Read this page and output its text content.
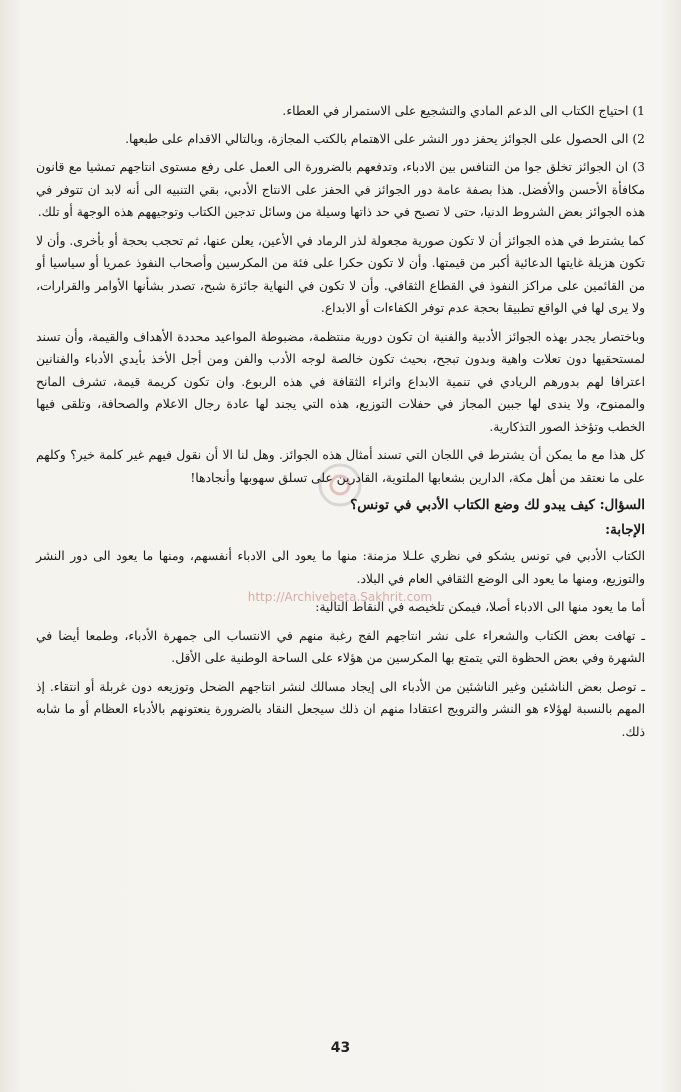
http://Archivebeta.Sakhrit.com

1) احتياج الكتاب الى الدعم المادي والتشجيع على الاستمرار في العطاء.

2) الى الحصول على الجوائز يحفز دور النشر على الاهتمام بالكتب المجازة، وبالتالي الاقدام على طبعها.

3) ان الجوائز تخلق جوا من التنافس بين الادباء، وتدفعهم بالضرورة الى العمل على رفع مستوى انتاجهم تمشيا مع قانون مكافأة الأحسن والأفضل. هذا بصفة عامة دور الجوائز في الحفز على الانتاج الأدبي، بقي التنبيه الى أنه لابد ان تتوفر في هذه الجوائز بعض الشروط الدنيا، حتى لا تصبح في حد ذاتها وسيلة من وسائل تدجين الكتاب وتوجيههم هذه الوجهة أو تلك.

كما يشترط في هذه الجوائز أن لا تكون صورية مجعولة لذر الرماد في الأعين، يعلن عنها، ثم تحجب بحجة أو بأخرى. وأن لا تكون هزيلة غايتها الدعائية أكبر من قيمتها. وأن لا تكون حكرا على فئة من المكرسين وأصحاب النفوذ عمريا أو سياسيا أو من القائمين على مراكز النفوذ في القطاع الثقافي. وأن لا تكون في النهاية جائزة شبح، تصدر بشأنها الأوامر والقرارات، ولا يرى لها في الواقع تطبيقا بحجة عدم توفر الكفاءات أو الابداع.

وباختصار يجدر بهذه الجوائز الأدبية والفنية ان تكون دورية منتظمة، مضبوطة المواعيد محددة الأهداف والقيمة، وأن تسند لمستحقيها دون تعلات واهية وبدون تبجح، بحيث تكون خالصة لوجه الأدب والفن ومن أجل الأخذ بأيدي الأدباء والفنانين اعترافا لهم بدورهم الريادي في تنمية الابداع واثراء الثقافة في هذه الربوع. وان تكون كريمة قيمة، تشرف المانح والممنوح، ولا يندى لها جبين المجاز في حفلات التوزيع، هذه التي يجند لها عادة رجال الاعلام والصحافة، وتلقى فيها الخطب وتؤخذ الصور التذكارية.

كل هذا مع ما يمكن أن يشترط في اللجان التي تسند أمثال هذه الجوائز. وهل لنا الا أن نقول فيهم غير كلمة خير؟ وكلهم على ما نعتقد من أهل مكة، الدارين بشعابها الملتوية، القادرين على تسلق سهوبها وأنجادها!

السؤال: كيف يبدو لك وضع الكتاب الأدبي في تونس؟

الإجابة:

الكتاب الأدبي في تونس يشكو في نظري علـلا مزمنة: منها ما يعود الى الادباء أنفسهم، ومنها ما يعود الى دور النشر والتوزيع، ومنها ما يعود الى الوضع الثقافي العام في البلاد.

أما ما يعود منها الى الادباء أصلا، فيمكن تلخيصه في النقاط التالية:

ـ تهافت بعض الكتاب والشعراء على نشر انتاجهم الفج رغبة منهم في الانتساب الى جمهرة الأدباء، وطمعا أيضا في الشهرة وفي بعض الحظوة التي يتمتع بها المكرسين من هؤلاء على الساحة الوطنية على الأقل.

ـ توصل بعض الناشئين وغير الناشئين من الأدباء الى إيجاد مسالك لنشر انتاجهم الضحل وتوزيعه دون غربلة أو انتقاء. إذ المهم بالنسبة لهؤلاء هو النشر والترويج اعتقادا منهم ان ذلك سيجعل النقاد بالضرورة ينعتونهم بالأدباء العظام أو ما شابه ذلك.

43
